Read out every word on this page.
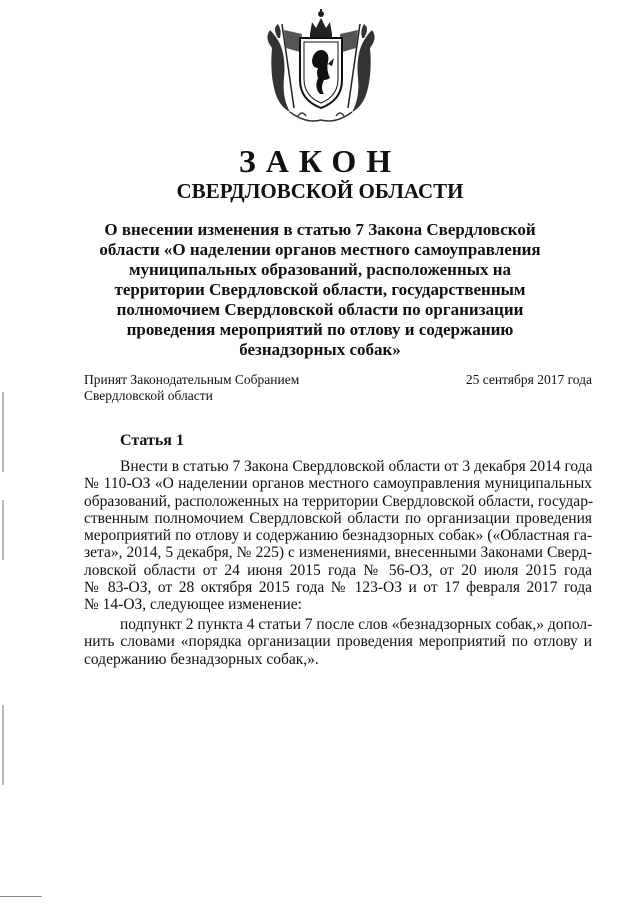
ЗАКОН
СВЕРДЛОВСКОЙ ОБЛАСТИ
О внесении изменения в статью 7 Закона Свердловской
области «О наделении органов местного самоуправления
муниципальных образований, расположенных на
территории Свердловской области, государственным
полномочием Свердловской области по организации
проведения мероприятий по отлову и содержанию
безнадзорных собак»
Принят Законодательным Собранием
Свердловской области
25 сентября 2017 года
Статья 1
Внести в статью 7 Закона Свердловской области от 3 декабря 2014 года
№ 110-ОЗ «О наделении органов местного самоуправления муниципальных
образований, расположенных на территории Свердловской области, государ-
ственным полномочием Свердловской области по организации проведения
мероприятий по отлову и содержанию безнадзорных собак» («Областная га-
зета», 2014, 5 декабря, № 225) с изменениями, внесенными Законами Сверд-
ловской области от 24 июня 2015 года № 56-ОЗ, от 20 июля 2015 года
№ 83-ОЗ, от 28 октября 2015 года № 123-ОЗ и от 17 февраля 2017 года
№ 14-ОЗ, следующее изменение:
подпункт 2 пункта 4 статьи 7 после слов «безнадзорных собак,» допол-
нить словами «порядка организации проведения мероприятий по отлову и
содержанию безнадзорных собак,».
